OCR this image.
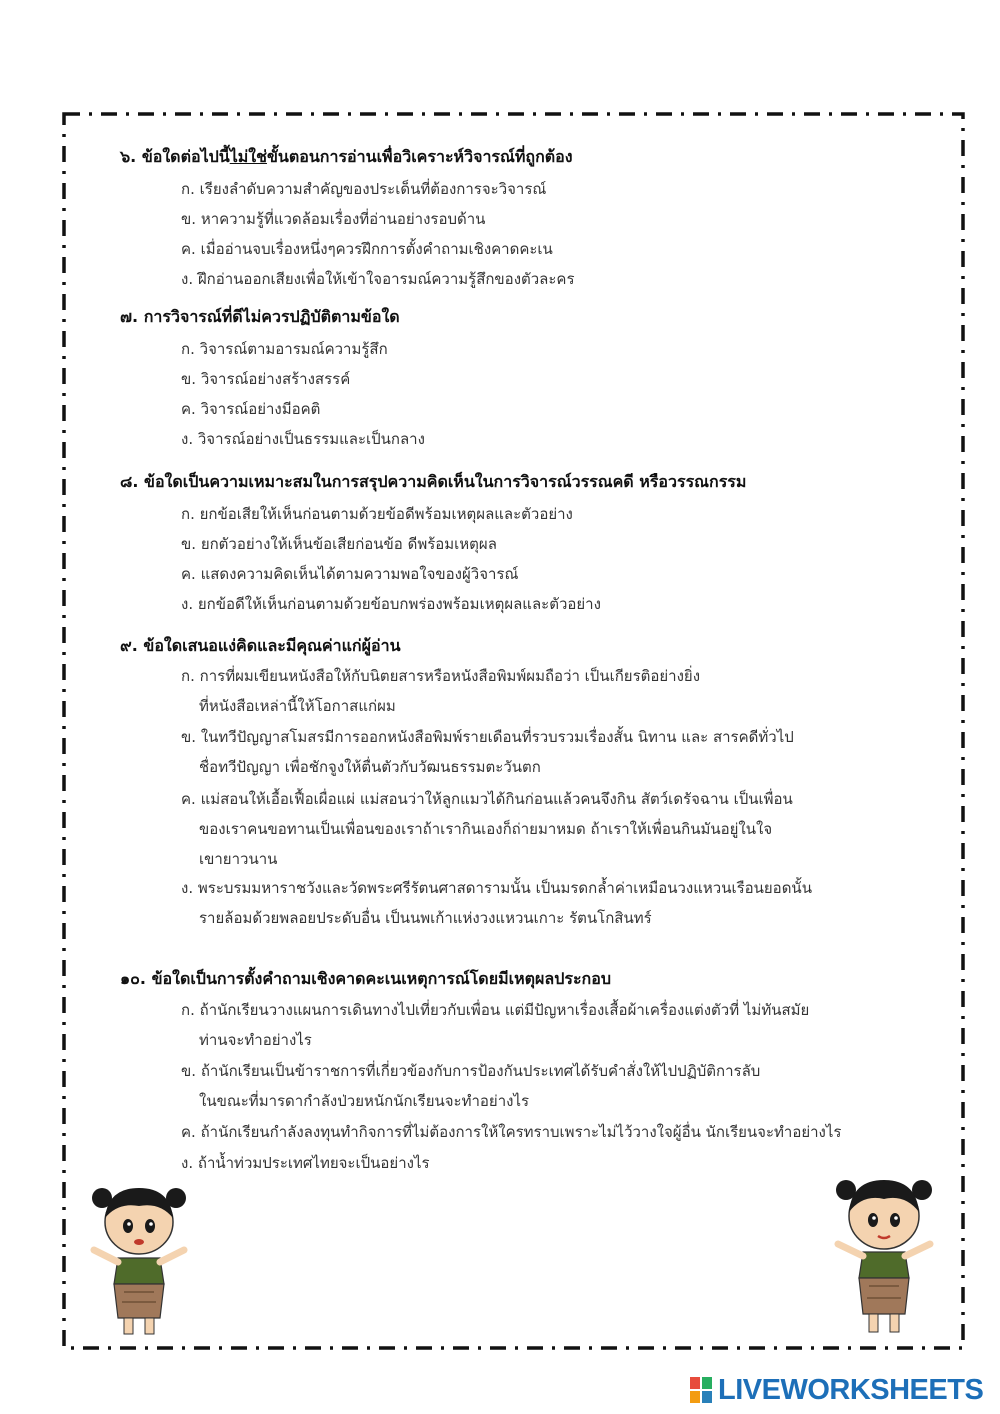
๖. ข้อใดต่อไปนี้ไม่ใช่ขั้นตอนการอ่านเพื่อวิเคราะห์วิจารณ์ที่ถูกต้อง
ก. เรียงลำดับความสำคัญของประเด็นที่ต้องการจะวิจารณ์
ข. หาความรู้ที่แวดล้อมเรื่องที่อ่านอย่างรอบด้าน
ค. เมื่ออ่านจบเรื่องหนึ่งๆควรฝึกการตั้งคำถามเชิงคาดคะเน
ง. ฝึกอ่านออกเสียงเพื่อให้เข้าใจอารมณ์ความรู้สึกของตัวละคร
๗. การวิจารณ์ที่ดีไม่ควรปฏิบัติตามข้อใด
ก. วิจารณ์ตามอารมณ์ความรู้สึก
ข. วิจารณ์อย่างสร้างสรรค์
ค. วิจารณ์อย่างมีอคติ
ง. วิจารณ์อย่างเป็นธรรมและเป็นกลาง
๘. ข้อใดเป็นความเหมาะสมในการสรุปความคิดเห็นในการวิจารณ์วรรณคดี หรือวรรณกรรม
ก. ยกข้อเสียให้เห็นก่อนตามด้วยข้อดีพร้อมเหตุผลและตัวอย่าง
ข. ยกตัวอย่างให้เห็นข้อเสียก่อนข้อ ดีพร้อมเหตุผล
ค. แสดงความคิดเห็นได้ตามความพอใจของผู้วิจารณ์
ง. ยกข้อดีให้เห็นก่อนตามด้วยข้อบกพร่องพร้อมเหตุผลและตัวอย่าง
๙. ข้อใดเสนอแง่คิดและมีคุณค่าแก่ผู้อ่าน
ก. การที่ผมเขียนหนังสือให้กับนิตยสารหรือหนังสือพิมพ์ผมถือว่า เป็นเกียรติอย่างยิ่ง
ที่หนังสือเหล่านี้ให้โอกาสแก่ผม
ข. ในทวีปัญญาสโมสรมีการออกหนังสือพิมพ์รายเดือนที่รวบรวมเรื่องสั้น นิทาน และ สารคดีทั่วไป
ชื่อทวีปัญญา เพื่อชักจูงให้ตื่นตัวกับวัฒนธรรมตะวันตก
ค. แม่สอนให้เอื้อเฟื้อเผื่อแผ่ แม่สอนว่าให้ลูกแมวได้กินก่อนแล้วคนจึงกิน สัตว์เดรัจฉาน เป็นเพื่อน
ของเราคนขอทานเป็นเพื่อนของเราถ้าเรากินเองก็ถ่ายมาหมด ถ้าเราให้เพื่อนกินมันอยู่ในใจ
เขายาวนาน
ง. พระบรมมหาราชวังและวัดพระศรีรัตนศาสดารามนั้น เป็นมรดกล้ำค่าเหมือนวงแหวนเรือนยอดนั้น
รายล้อมด้วยพลอยประดับอื่น เป็นนพเก้าแห่งวงแหวนเกาะ รัตนโกสินทร์
๑๐. ข้อใดเป็นการตั้งคำถามเชิงคาดคะเนเหตุการณ์โดยมีเหตุผลประกอบ
ก. ถ้านักเรียนวางแผนการเดินทางไปเที่ยวกับเพื่อน แต่มีปัญหาเรื่องเสื้อผ้าเครื่องแต่งตัวที่ ไม่ทันสมัย
ท่านจะทำอย่างไร
ข. ถ้านักเรียนเป็นข้าราชการที่เกี่ยวข้องกับการป้องกันประเทศได้รับคำสั่งให้ไปปฏิบัติการลับ
ในขณะที่มารดากำลังป่วยหนักนักเรียนจะทำอย่างไร
ค. ถ้านักเรียนกำลังลงทุนทำกิจการที่ไม่ต้องการให้ใครทราบเพราะไม่ไว้วางใจผู้อื่น นักเรียนจะทำอย่างไร
ง. ถ้าน้ำท่วมประเทศไทยจะเป็นอย่างไร
LIVEWORKSHEETS
